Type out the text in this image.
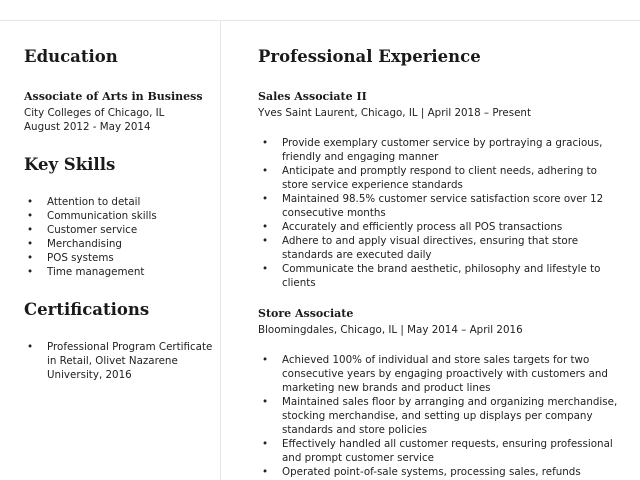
Education
Associate of Arts in Business
City Colleges of Chicago, IL
August 2012 - May 2014
Key Skills
• Attention to detail
• Communication skills
• Customer service
• Merchandising
• POS systems
• Time management
Certifications
• Professional Program Certificate in Retail, Olivet Nazarene University, 2016
Professional Experience
Sales Associate II
Yves Saint Laurent, Chicago, IL | April 2018 – Present
• Provide exemplary customer service by portraying a gracious, friendly and engaging manner
• Anticipate and promptly respond to client needs, adhering to store service experience standards
• Maintained 98.5% customer service satisfaction score over 12 consecutive months
• Accurately and efficiently process all POS transactions
• Adhere to and apply visual directives, ensuring that store standards are executed daily
• Communicate the brand aesthetic, philosophy and lifestyle to clients
Store Associate
Bloomingdales, Chicago, IL | May 2014 – April 2016
• Achieved 100% of individual and store sales targets for two consecutive years by engaging proactively with customers and marketing new brands and product lines
• Maintained sales floor by arranging and organizing merchandise, stocking merchandise, and setting up displays per company standards and store policies
• Effectively handled all customer requests, ensuring professional and prompt customer service
• Operated point-of-sale systems, processing sales, refunds
